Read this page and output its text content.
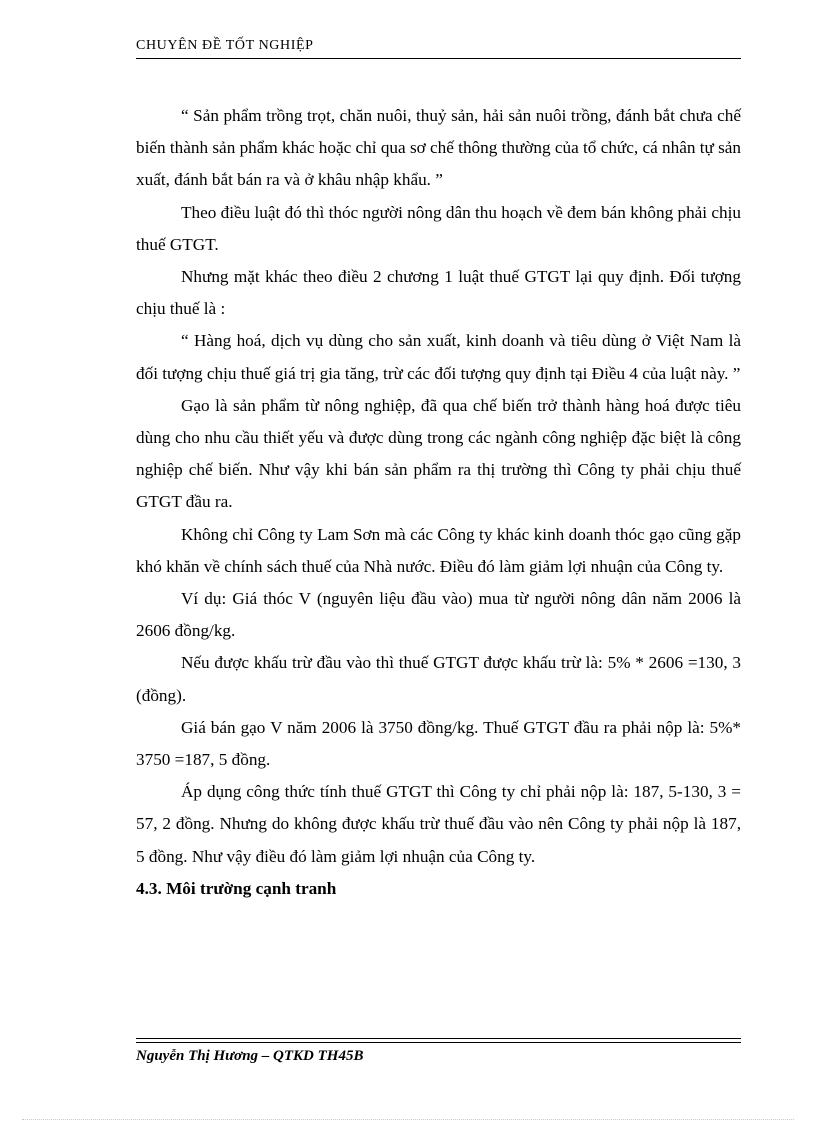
CHUYÊN ĐỀ TỐT NGHIỆP

“ Sản phẩm trồng trọt, chăn nuôi, thuỷ sản, hải sản nuôi trồng, đánh bắt chưa chế biến thành sản phẩm khác hoặc chỉ qua sơ chế thông thường của tổ chức, cá nhân tự sản xuất, đánh bắt bán ra và ở khâu nhập khẩu. ”

Theo điều luật đó thì thóc người nông dân thu hoạch về đem bán không phải chịu thuế GTGT.

Nhưng mặt khác theo điều 2 chương 1 luật thuế GTGT lại quy định. Đối tượng chịu thuế là :

“ Hàng hoá, dịch vụ dùng cho sản xuất, kinh doanh và tiêu dùng ở Việt Nam là đối tượng chịu thuế giá trị gia tăng, trừ các đối tượng quy định tại Điều 4 của luật này. ”

Gạo là sản phẩm từ nông nghiệp, đã qua chế biến trở thành hàng hoá được tiêu dùng cho nhu cầu thiết yếu và được dùng trong các ngành công nghiệp đặc biệt là công nghiệp chế biến. Như vậy khi bán sản phẩm ra thị trường thì Công ty phải chịu thuế GTGT đầu ra.

Không chỉ Công ty Lam Sơn mà các Công ty khác kinh doanh thóc gạo cũng gặp khó khăn về chính sách thuế của Nhà nước. Điều đó làm giảm lợi nhuận của Công ty.

Ví dụ: Giá thóc V (nguyên liệu đầu vào) mua từ người nông dân năm 2006 là 2606 đồng/kg.

Nếu được khấu trừ đầu vào thì thuế GTGT được khấu trừ là: 5% * 2606 =130, 3 (đồng).

Giá bán gạo V năm 2006 là 3750 đồng/kg. Thuế GTGT đầu ra phải nộp là: 5%* 3750 =187, 5 đồng.

Áp dụng công thức tính thuế GTGT thì Công ty chỉ phải nộp là: 187, 5-130, 3 = 57, 2 đồng. Nhưng do không được khấu trừ thuế đầu vào nên Công ty phải nộp là 187, 5 đồng. Như vậy điều đó làm giảm lợi nhuận của Công ty.

4.3. Môi trường cạnh tranh

Nguyễn Thị Hương – QTKD TH45B
